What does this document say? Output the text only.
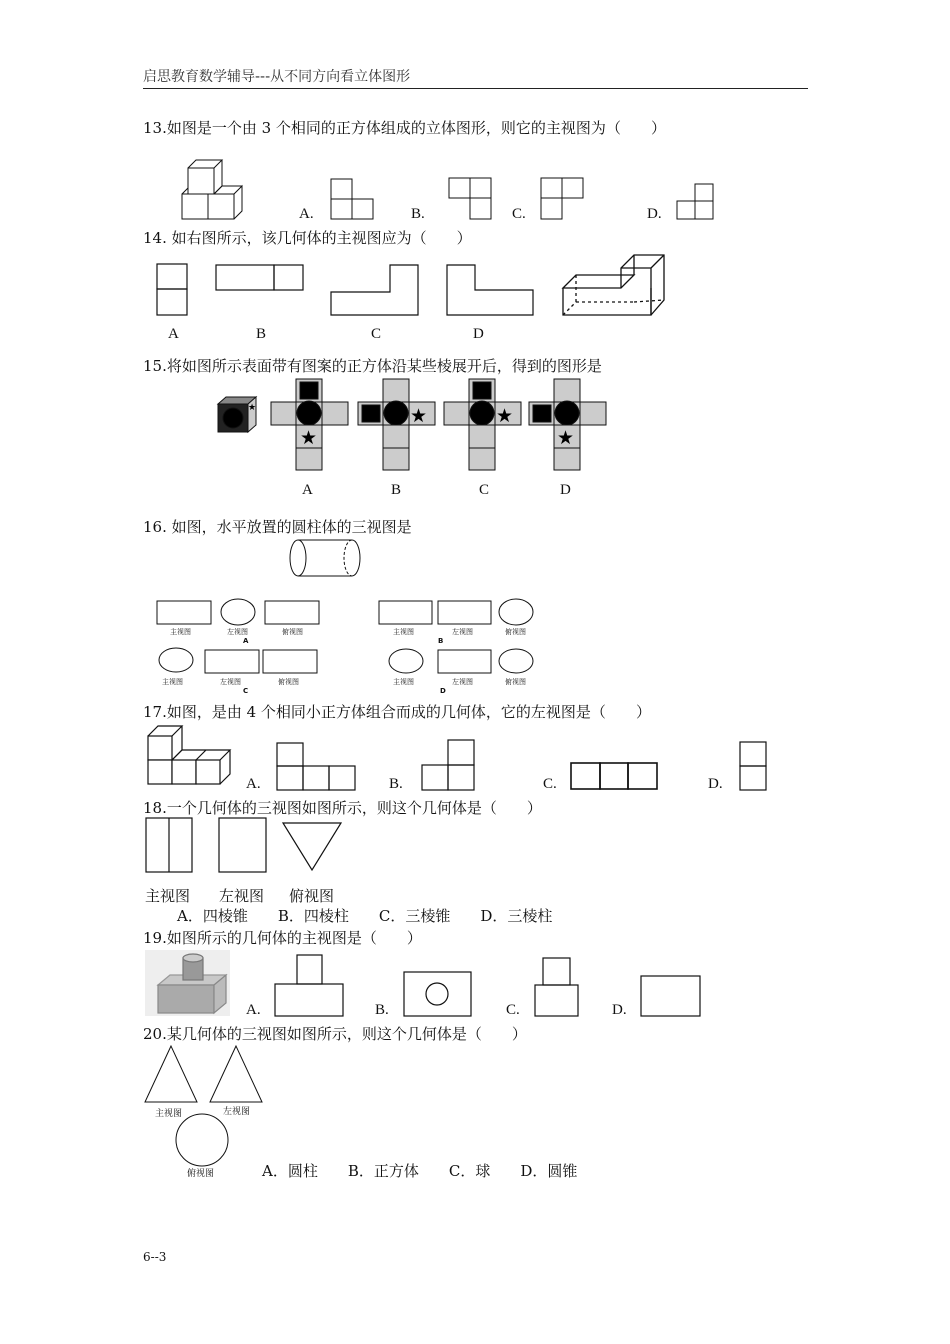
启思教育数学辅导---从不同方向看立体图形
13.如图是一个由 3 个相同的正方体组成的立体图形，则它的主视图为（　　）
A.	B.	C.	D.
14. 如右图所示，该几何体的主视图应为（　　）
A	B	C	D
15.将如图所示表面带有图案的正方体沿某些棱展开后，得到的图形是
★
★
★	★
★
A	B	C	D
16. 如图，水平放置的圆柱体的三视图是
主视图	左视图	俯视图
A
主视图	左视图	俯视图
B
主视图	左视图	俯视图
C
主视图	左视图	俯视图
D
17.如图，是由 4 个相同小正方体组合而成的几何体，它的左视图是（　　）
A.	B.	C.	D.
18.一个几何体的三视图如图所示，则这个几何体是（　　）
主视图 左视图 俯视图
A．四棱锥　　B．四棱柱　　C．三棱锥　　D．三棱柱
19.如图所示的几何体的主视图是（　　）
A.	B.	C.	D.
20.某几何体的三视图如图所示，则这个几何体是（　　）
主视图	左视图
俯视图	A．圆柱　　B．正方体　　C．球　　D．圆锥
6--3
